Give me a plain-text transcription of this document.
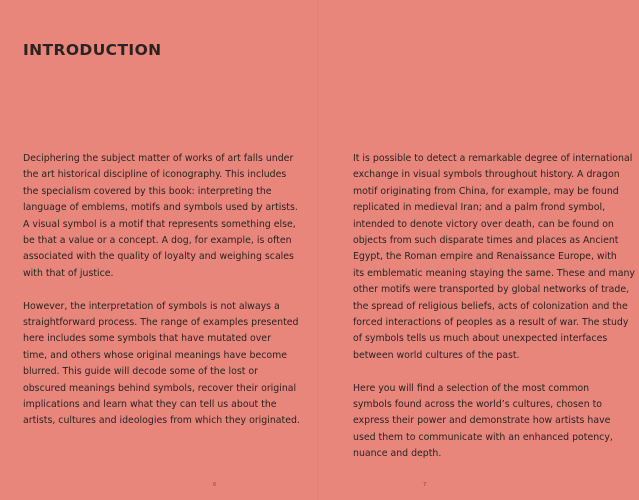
INTRODUCTION

Deciphering the subject matter of works of art falls under
the art historical discipline of iconography. This includes
the specialism covered by this book: interpreting the
language of emblems, motifs and symbols used by artists.
A visual symbol is a motif that represents something else,
be that a value or a concept. A dog, for example, is often
associated with the quality of loyalty and weighing scales
with that of justice.

However, the interpretation of symbols is not always a
straightforward process. The range of examples presented
here includes some symbols that have mutated over
time, and others whose original meanings have become
blurred. This guide will decode some of the lost or
obscured meanings behind symbols, recover their original
implications and learn what they can tell us about the
artists, cultures and ideologies from which they originated.

6

It is possible to detect a remarkable degree of international
exchange in visual symbols throughout history. A dragon
motif originating from China, for example, may be found
replicated in medieval Iran; and a palm frond symbol,
intended to denote victory over death, can be found on
objects from such disparate times and places as Ancient
Egypt, the Roman empire and Renaissance Europe, with
its emblematic meaning staying the same. These and many
other motifs were transported by global networks of trade,
the spread of religious beliefs, acts of colonization and the
forced interactions of peoples as a result of war. The study
of symbols tells us much about unexpected interfaces
between world cultures of the past.

Here you will find a selection of the most common
symbols found across the world’s cultures, chosen to
express their power and demonstrate how artists have
used them to communicate with an enhanced potency,
nuance and depth.

7
